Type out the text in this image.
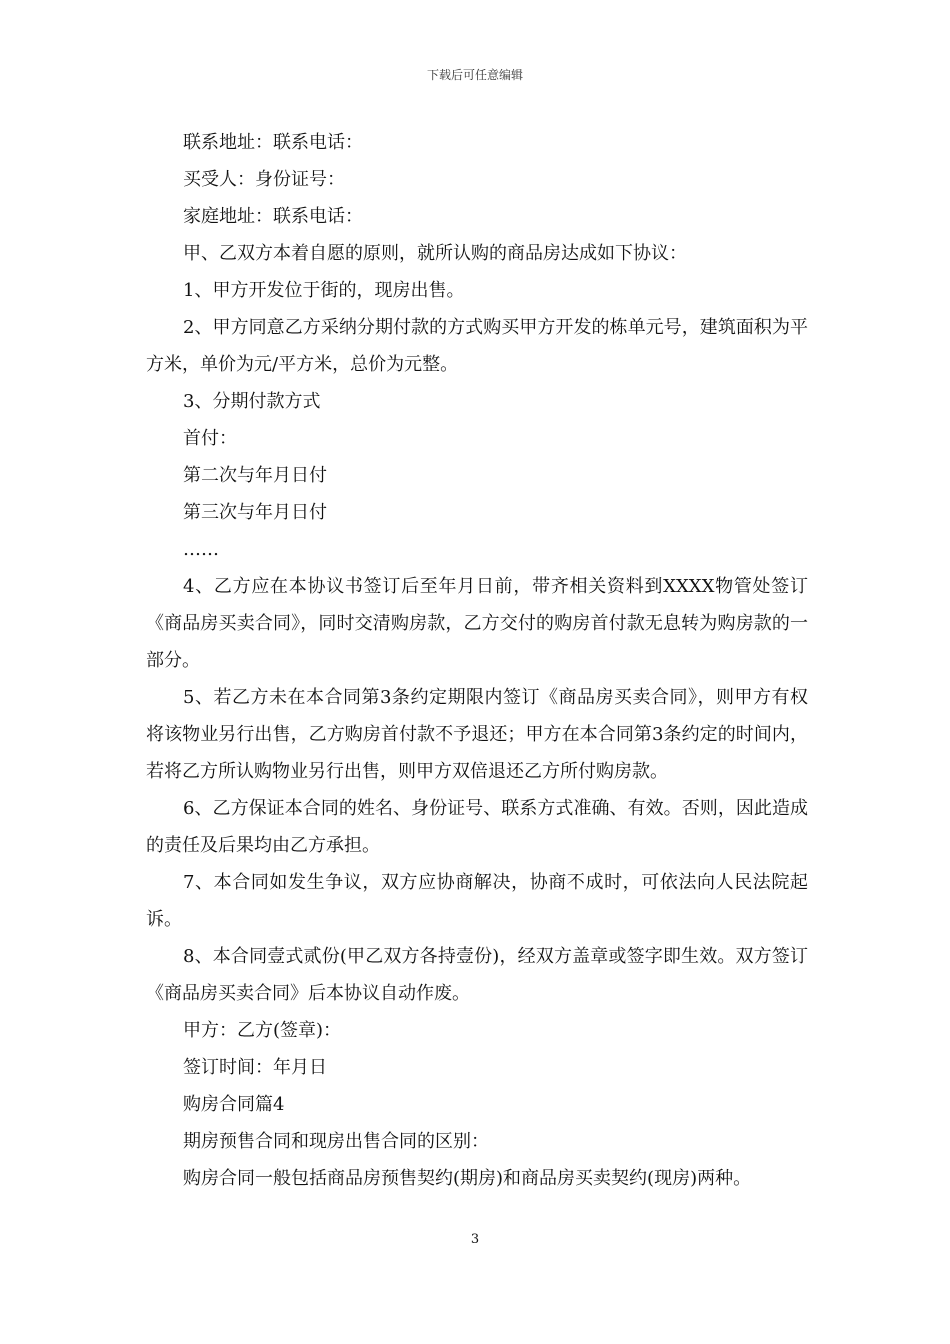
下载后可任意编辑

联系地址：联系电话：

买受人：身份证号：

家庭地址：联系电话：

甲、乙双方本着自愿的原则，就所认购的商品房达成如下协议：

1、甲方开发位于街的，现房出售。

2、甲方同意乙方采纳分期付款的方式购买甲方开发的栋单元号，建筑面积为平方米，单价为元/平方米，总价为元整。

3、分期付款方式

首付：

第二次与年月日付

第三次与年月日付

……

4、乙方应在本协议书签订后至年月日前，带齐相关资料到XXXX物管处签订《商品房买卖合同》，同时交清购房款，乙方交付的购房首付款无息转为购房款的一部分。

5、若乙方未在本合同第3条约定期限内签订《商品房买卖合同》，则甲方有权将该物业另行出售，乙方购房首付款不予退还；甲方在本合同第3条约定的时间内，若将乙方所认购物业另行出售，则甲方双倍退还乙方所付购房款。

6、乙方保证本合同的姓名、身份证号、联系方式准确、有效。否则，因此造成的责任及后果均由乙方承担。

7、本合同如发生争议，双方应协商解决，协商不成时，可依法向人民法院起诉。

8、本合同壹式贰份(甲乙双方各持壹份)，经双方盖章或签字即生效。双方签订《商品房买卖合同》后本协议自动作废。

甲方：乙方(签章)：

签订时间：年月日

购房合同篇4

期房预售合同和现房出售合同的区别：

购房合同一般包括商品房预售契约(期房)和商品房买卖契约(现房)两种。

3
